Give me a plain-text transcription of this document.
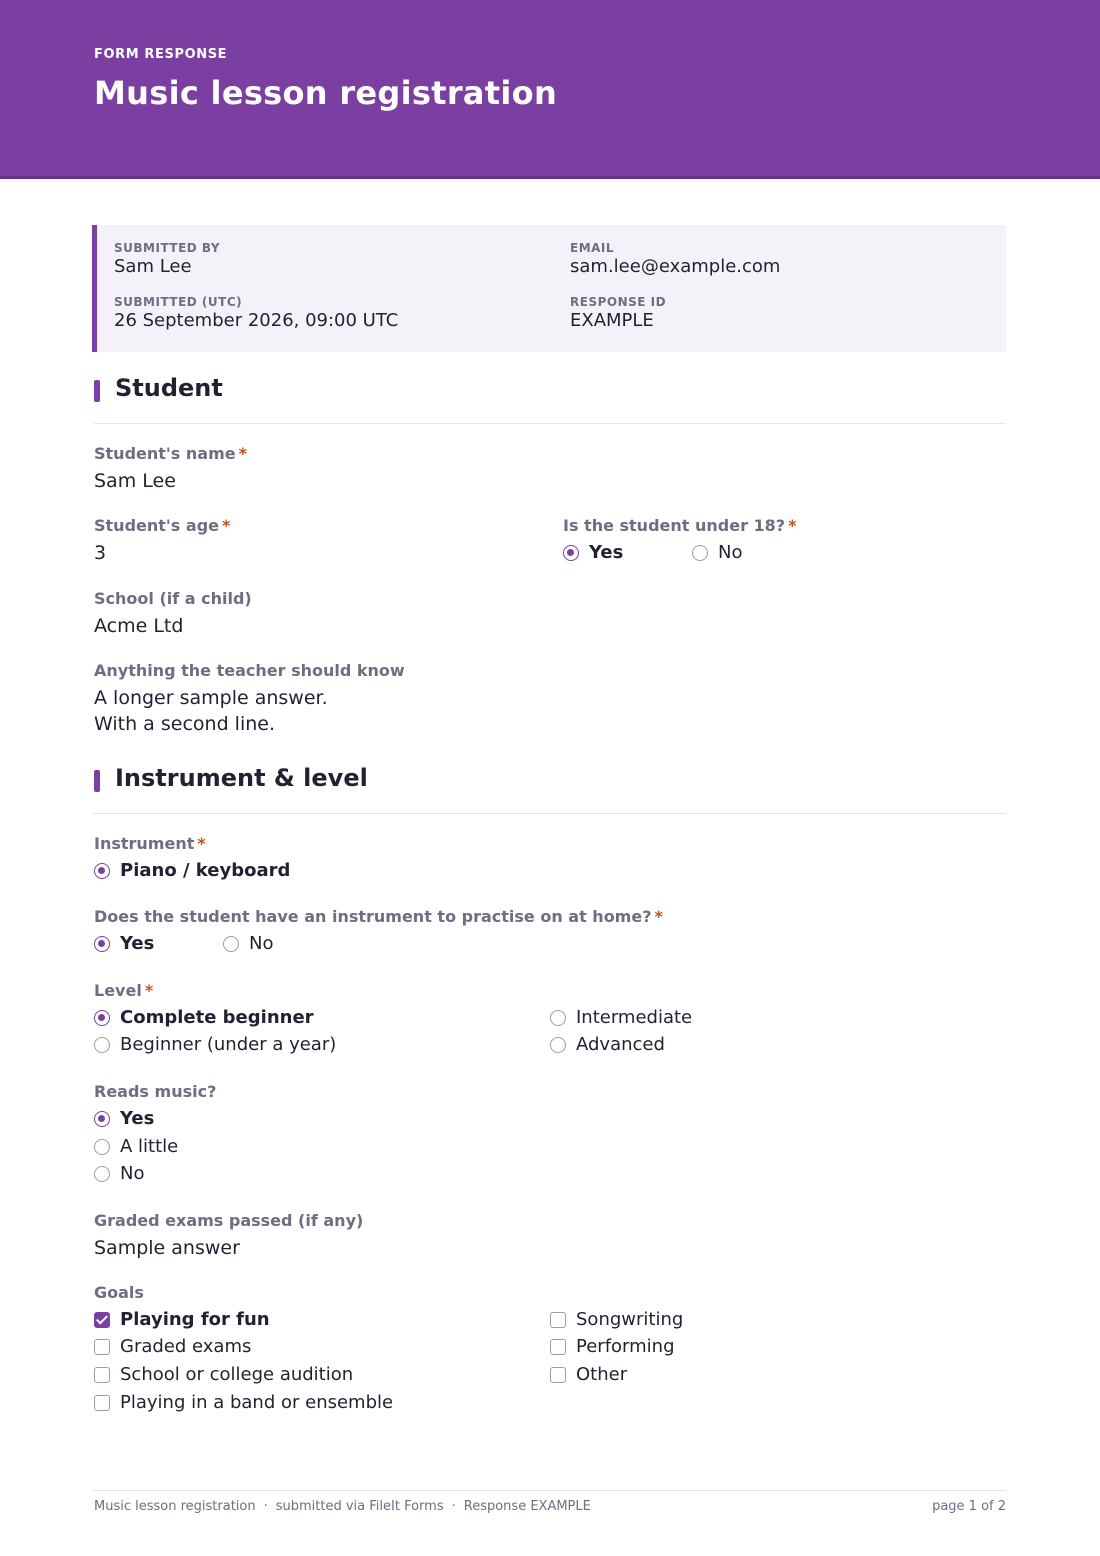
FORM RESPONSE
Music lesson registration
SUBMITTED BY
Sam Lee
EMAIL
sam.lee@example.com
SUBMITTED (UTC)
26 September 2026, 09:00 UTC
RESPONSE ID
EXAMPLE
Student
Student's name *
Sam Lee
Student's age *
3
Is the student under 18? *
Yes	No
School (if a child)
Acme Ltd
Anything the teacher should know
A longer sample answer.
With a second line.
Instrument & level
Instrument *
Piano / keyboard
Does the student have an instrument to practise on at home? *
Yes	No
Level *
Complete beginner
Beginner (under a year)
Intermediate
Advanced
Reads music?
Yes
A little
No
Graded exams passed (if any)
Sample answer
Goals
Playing for fun
Graded exams
School or college audition
Playing in a band or ensemble
Songwriting
Performing
Other
Music lesson registration · submitted via FileIt Forms · Response EXAMPLE	page 1 of 2
